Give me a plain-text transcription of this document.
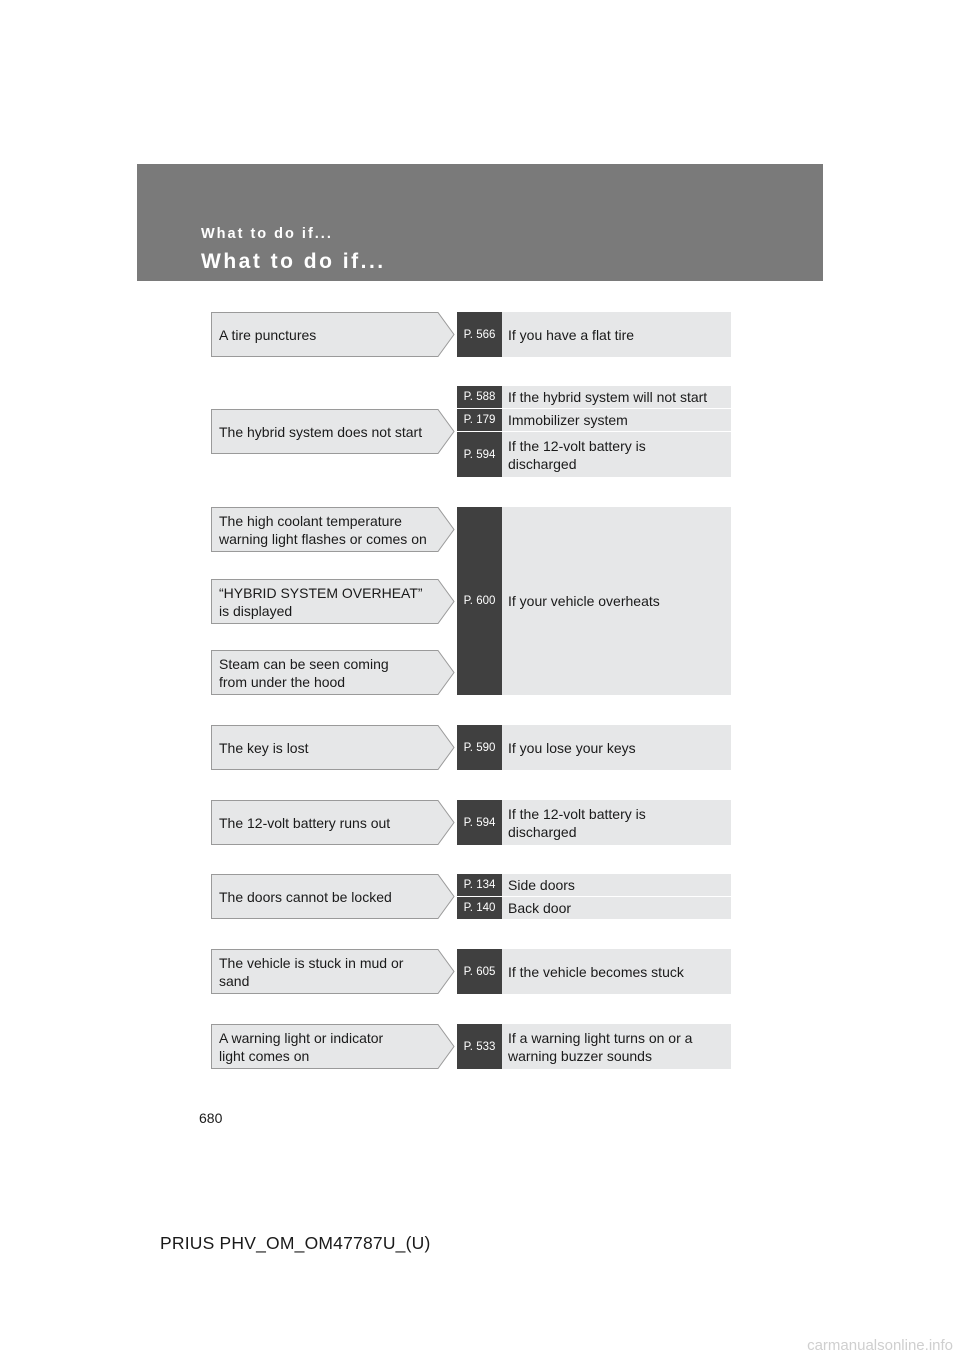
What to do if...
What to do if...
A tire punctures
The hybrid system does not start
The high coolant temperature
warning light flashes or comes on
“HYBRID SYSTEM OVERHEAT”
is displayed
Steam can be seen coming
from under the hood
The key is lost
The 12-volt battery runs out
The doors cannot be locked
The vehicle is stuck in mud or
sand
A warning light or indicator
light comes on
P. 566 If you have a flat tire
P. 588 If the hybrid system will not start
P. 179 Immobilizer system
P. 594
If the 12-volt battery is
discharged
P. 600 If your vehicle overheats
P. 590 If you lose your keys
P. 594
If the 12-volt battery is
discharged
P. 134 Side doors
P. 140 Back door
P. 605 If the vehicle becomes stuck
P. 533
If a warning light turns on or a
warning buzzer sounds
680
PRIUS PHV_OM_OM47787U_(U)
carmanualsonline.info
